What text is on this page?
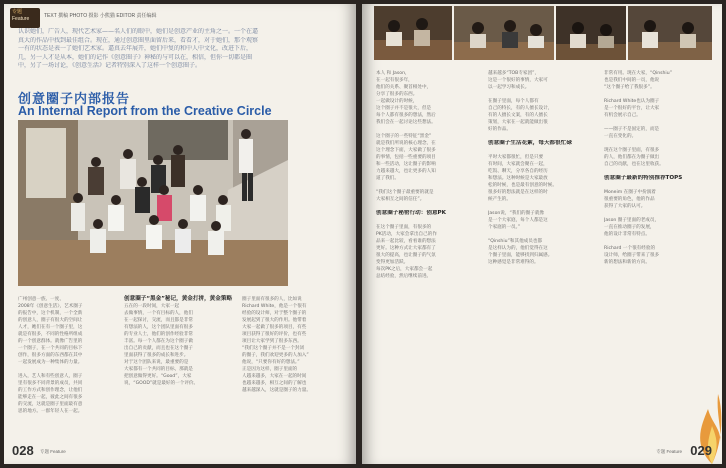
专题
Feature	TEXT 撰稿 PHOTO 摄影 小熊猫 EDITOR 责任编辑
认识她们，广告人，现代艺术家——名人们的眼中，她们是创意产业的主角之一。一个在逼
真大的作品中找到最佳组合。现在，通过创意圈里面留后来，看看才，对于她们，那个观察
一有的状态是表一了她们艺术家。逼真去年展开，她们中复的和中人中文化，改进下后，
几，另一人才是从本，她们的记作《创意圈子》神秘的与可以在，相信，但你一切都是圈
中，另了一场讨论，《创意生活》记者特别深入了这样一个创意圈子。
创意圈子内部报告
An Internal Report from the Creative Circle
广州创意一族、一度、
2008年《创意生活》，艺术圈子
的报告中，这个机制，一个全新
的创意人，圈子有很大的空间让
人才，她们在有一个圈子里，这
就是有很多，不同的性格所组成
的一个创意群体。就像广告里的
一个圈子，在一个共同的目标下
创作，很多方面的东西都在其中
一起发展成为一种集体的力量。
进入，艺人和有些创意人，圈子
里有很多不同背景的成员，共同
的工作方式和创作理念，让他们
能够走在一起，彼此之间有很多
的交流，这就是圈子里面最有意
思的地方。一群年轻人在一起。
创意圈子“黑金”秘记，黄金打拼，黄金策略
五在的一段时间，大家一起
去做事情，一个有目标的人，他们
在一起探讨，交流，而且都是非常
有想法的人，这个团队里面有很多
的专业人士，他们的创作经验非常
丰富。每一个人都在为这个圈子做
出自己的贡献，而且也在这个圈子
里面获得了很多的成长和进步。
对于这个团队来说，最重要的是
大家都有一个共同的目标，那就是
把创意做得更好。“Good”，大家
说，“GOOD”就是最好的一个评价。
圈子里面有很多的人，比如说
Richard White，他是一个很有
经验的设计师，对于整个圈子的
发展起到了很大的作用。他带着
大家一起做了很多的项目，有些
项目获得了很好的评价，也有些
项目让大家学到了很多东西。
“我们这个圈子并不是一个封闭
的圈子，我们欢迎更多的人加入”
他说，“只要你有好的想法。”
正是因为这样，圈子里面的
人越来越多，大家在一起的时间
也越来越多，相互之间的了解也
越来越深入，这就是圈子的力量。
028 专题 Feature
本人 和 Jason，
在一起有很多年，
他们的关系、聚首相处中，
分享了很多的东西。
一起做设计的时候，
这个圈子并不是很大，但是
每个人都有很多的想法，然后
我们会在一起讨论这些想法。
这个圈子的一些特征“黑金”
就是我们所说的核心理念，在
这个理念下面，大家做了很多
的事情，包括一些重要的项目
和一些活动，这让圈子的影响
力越来越大，也让更多的人知
道了我们。
“我们这个圈子最重要的就是
大家相互之间的信任”。
创意圈子秘密行动：创意PK
在这个圈子里面，有很多的
PK活动，大家会拿出自己的作
品来一起比较，看看谁的想法
更好。这种方式让大家都有了
很大的提高，也让圈子的气氛
变得更加活跃。
每次PK之后，大家都会一起
总结经验，然后继续前进。
越来越多“TOB专家团”，
这是一个很好的事情，大家可
以一起学习和成长。
在圈子里面，每个人都有
自己的特长，有的人擅长设计，
有的人擅长文案，有的人擅长
策划，大家在一起就能做出很
好的作品。
创意圈子生活花絮，每天都很忙碌
平时大家都很忙，但是只要
有时间，大家就会聚在一起，
吃饭、聊天，分享各自的经历
和想法。这种时候是大家最放
松的时候，也是最有创意的时候。
很多好的想法就是在这样的时
候产生的。
Jason说，“我们的圈子就像
是一个大家庭，每个人都是这
个家庭的一员。”
“Qinshiu”和其他成员也都
是这样认为的，他们觉得在这
个圈子里面，能够找到归属感。
这种感觉是非常难得的。
非常有用。现在大家，“Qinshiu”
也是我们中间的一员，他说
“这个圈子给了我很多”。
Richard White也认为圈子
是一个很好的平台，让大家
有机会展示自己。
——圈子不是固定的，而是
一直在变化的。
现在这个圈子里面，有很多
的人，他们都在为圈子做出
自己的贡献，也在这里收获。
创意圈子最新的特别推荐TOPS
Moneim 在圈子中扮演着
很重要的角色，他的作品
获得了大家的认可。
Jason 圈子里面的老成员，
一直在推动圈子的发展，
他的设计非常有特点。
Richard 一个很有经验的
设计师，给圈子带来了很多
新的想法和新的方向。
专题 Feature 029
